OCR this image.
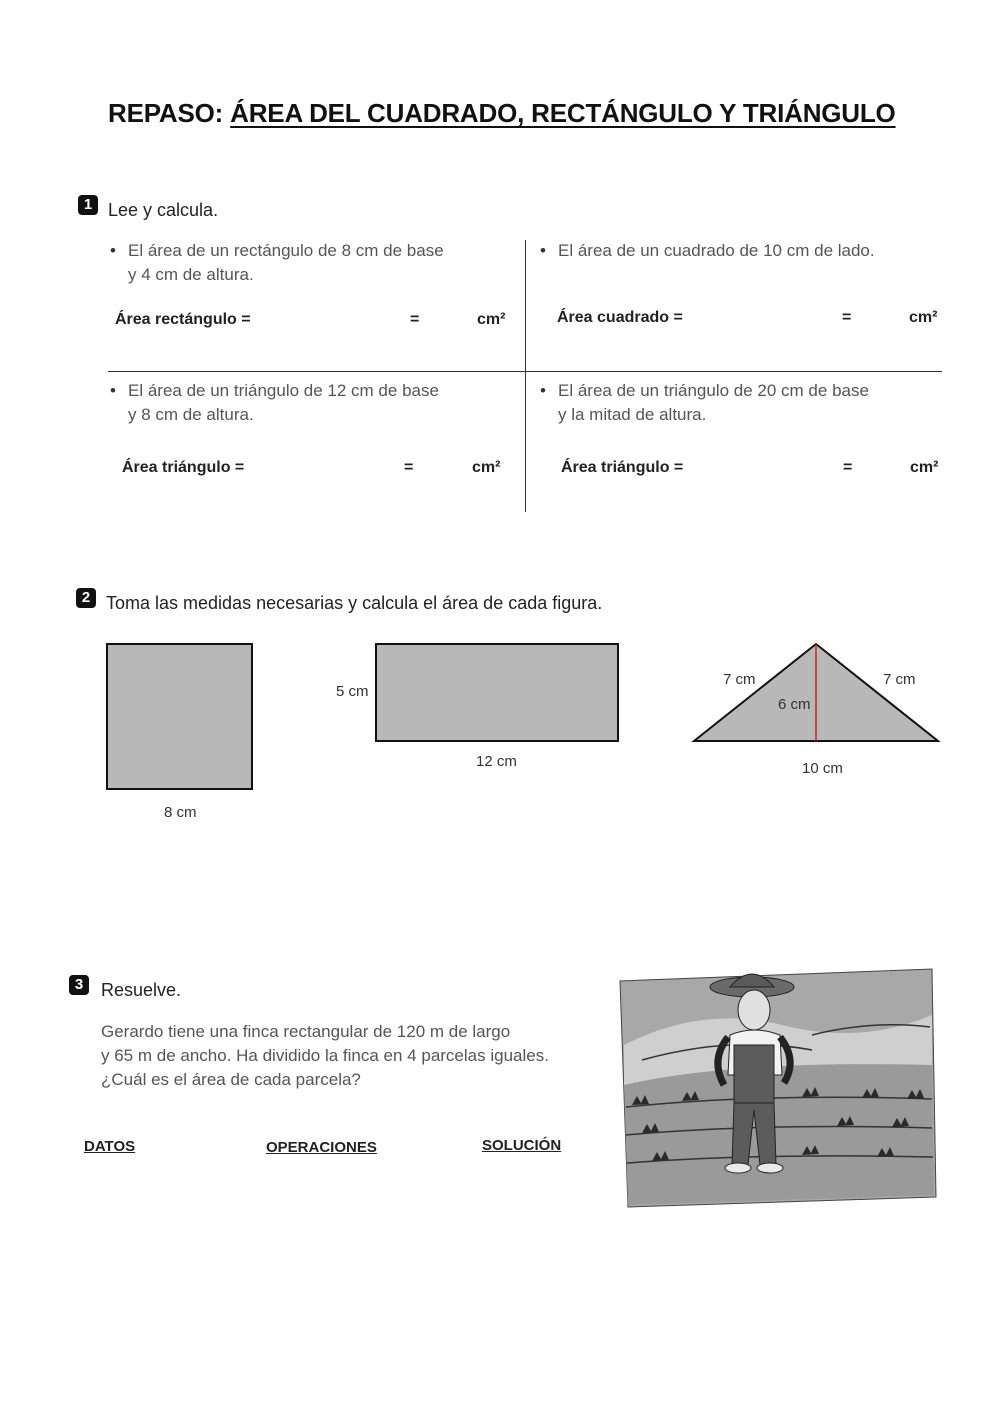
REPASO: ÁREA DEL CUADRADO, RECTÁNGULO Y TRIÁNGULO
1 Lee y calcula.
• El área de un rectángulo de 8 cm de base
y 4 cm de altura.
Área rectángulo =	=	cm²
• El área de un cuadrado de 10 cm de lado.
Área cuadrado =	=	cm²
• El área de un triángulo de 12 cm de base
y 8 cm de altura.
Área triángulo =	=	cm²
• El área de un triángulo de 20 cm de base
y la mitad de altura.
Área triángulo =	=	cm²
2 Toma las medidas necesarias y calcula el área de cada figura.
8 cm
5 cm
12 cm
7 cm	7 cm
6 cm
10 cm
3 Resuelve.
Gerardo tiene una finca rectangular de 120 m de largo
y 65 m de ancho. Ha dividido la finca en 4 parcelas iguales.
¿Cuál es el área de cada parcela?
DATOS	OPERACIONES	SOLUCIÓN
